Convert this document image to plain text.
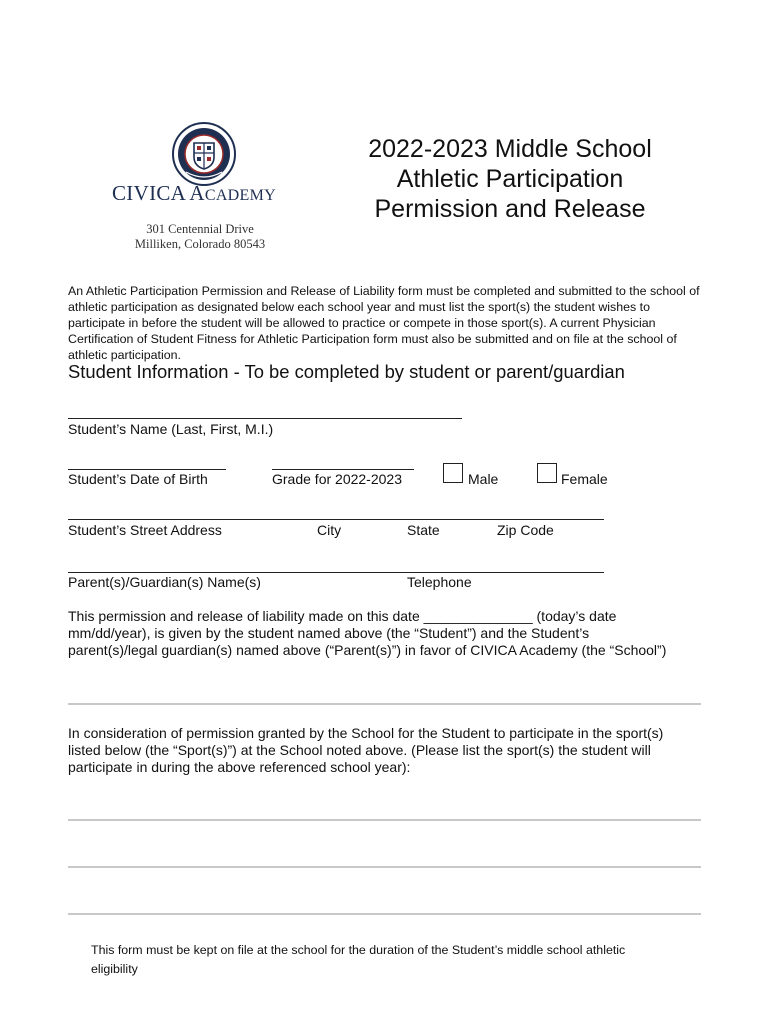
CIVICA ACADEMY
301 Centennial Drive
Milliken, Colorado 80543
2022-2023 Middle School
Athletic Participation
Permission and Release
An Athletic Participation Permission and Release of Liability form must be completed and submitted to the school of athletic participation as designated below each school year and must list the sport(s) the student wishes to participate in before the student will be allowed to practice or compete in those sport(s). A current Physician Certification of Student Fitness for Athletic Participation form must also be submitted and on file at the school of athletic participation.
Student Information - To be completed by student or parent/guardian
Student’s Name (Last, First, M.I.)
Student’s Date of Birth	Grade for 2022-2023	Male	Female
Student’s Street Address	City	State	Zip Code
Parent(s)/Guardian(s) Name(s)	Telephone
This permission and release of liability made on this date ______________ (today’s date mm/dd/year), is given by the student named above (the “Student”) and the Student’s parent(s)/legal guardian(s) named above (“Parent(s)”) in favor of CIVICA Academy (the “School”)
In consideration of permission granted by the School for the Student to participate in the sport(s) listed below (the “Sport(s)”) at the School noted above. (Please list the sport(s) the student will participate in during the above referenced school year):
This form must be kept on file at the school for the duration of the Student’s middle school athletic eligibility
